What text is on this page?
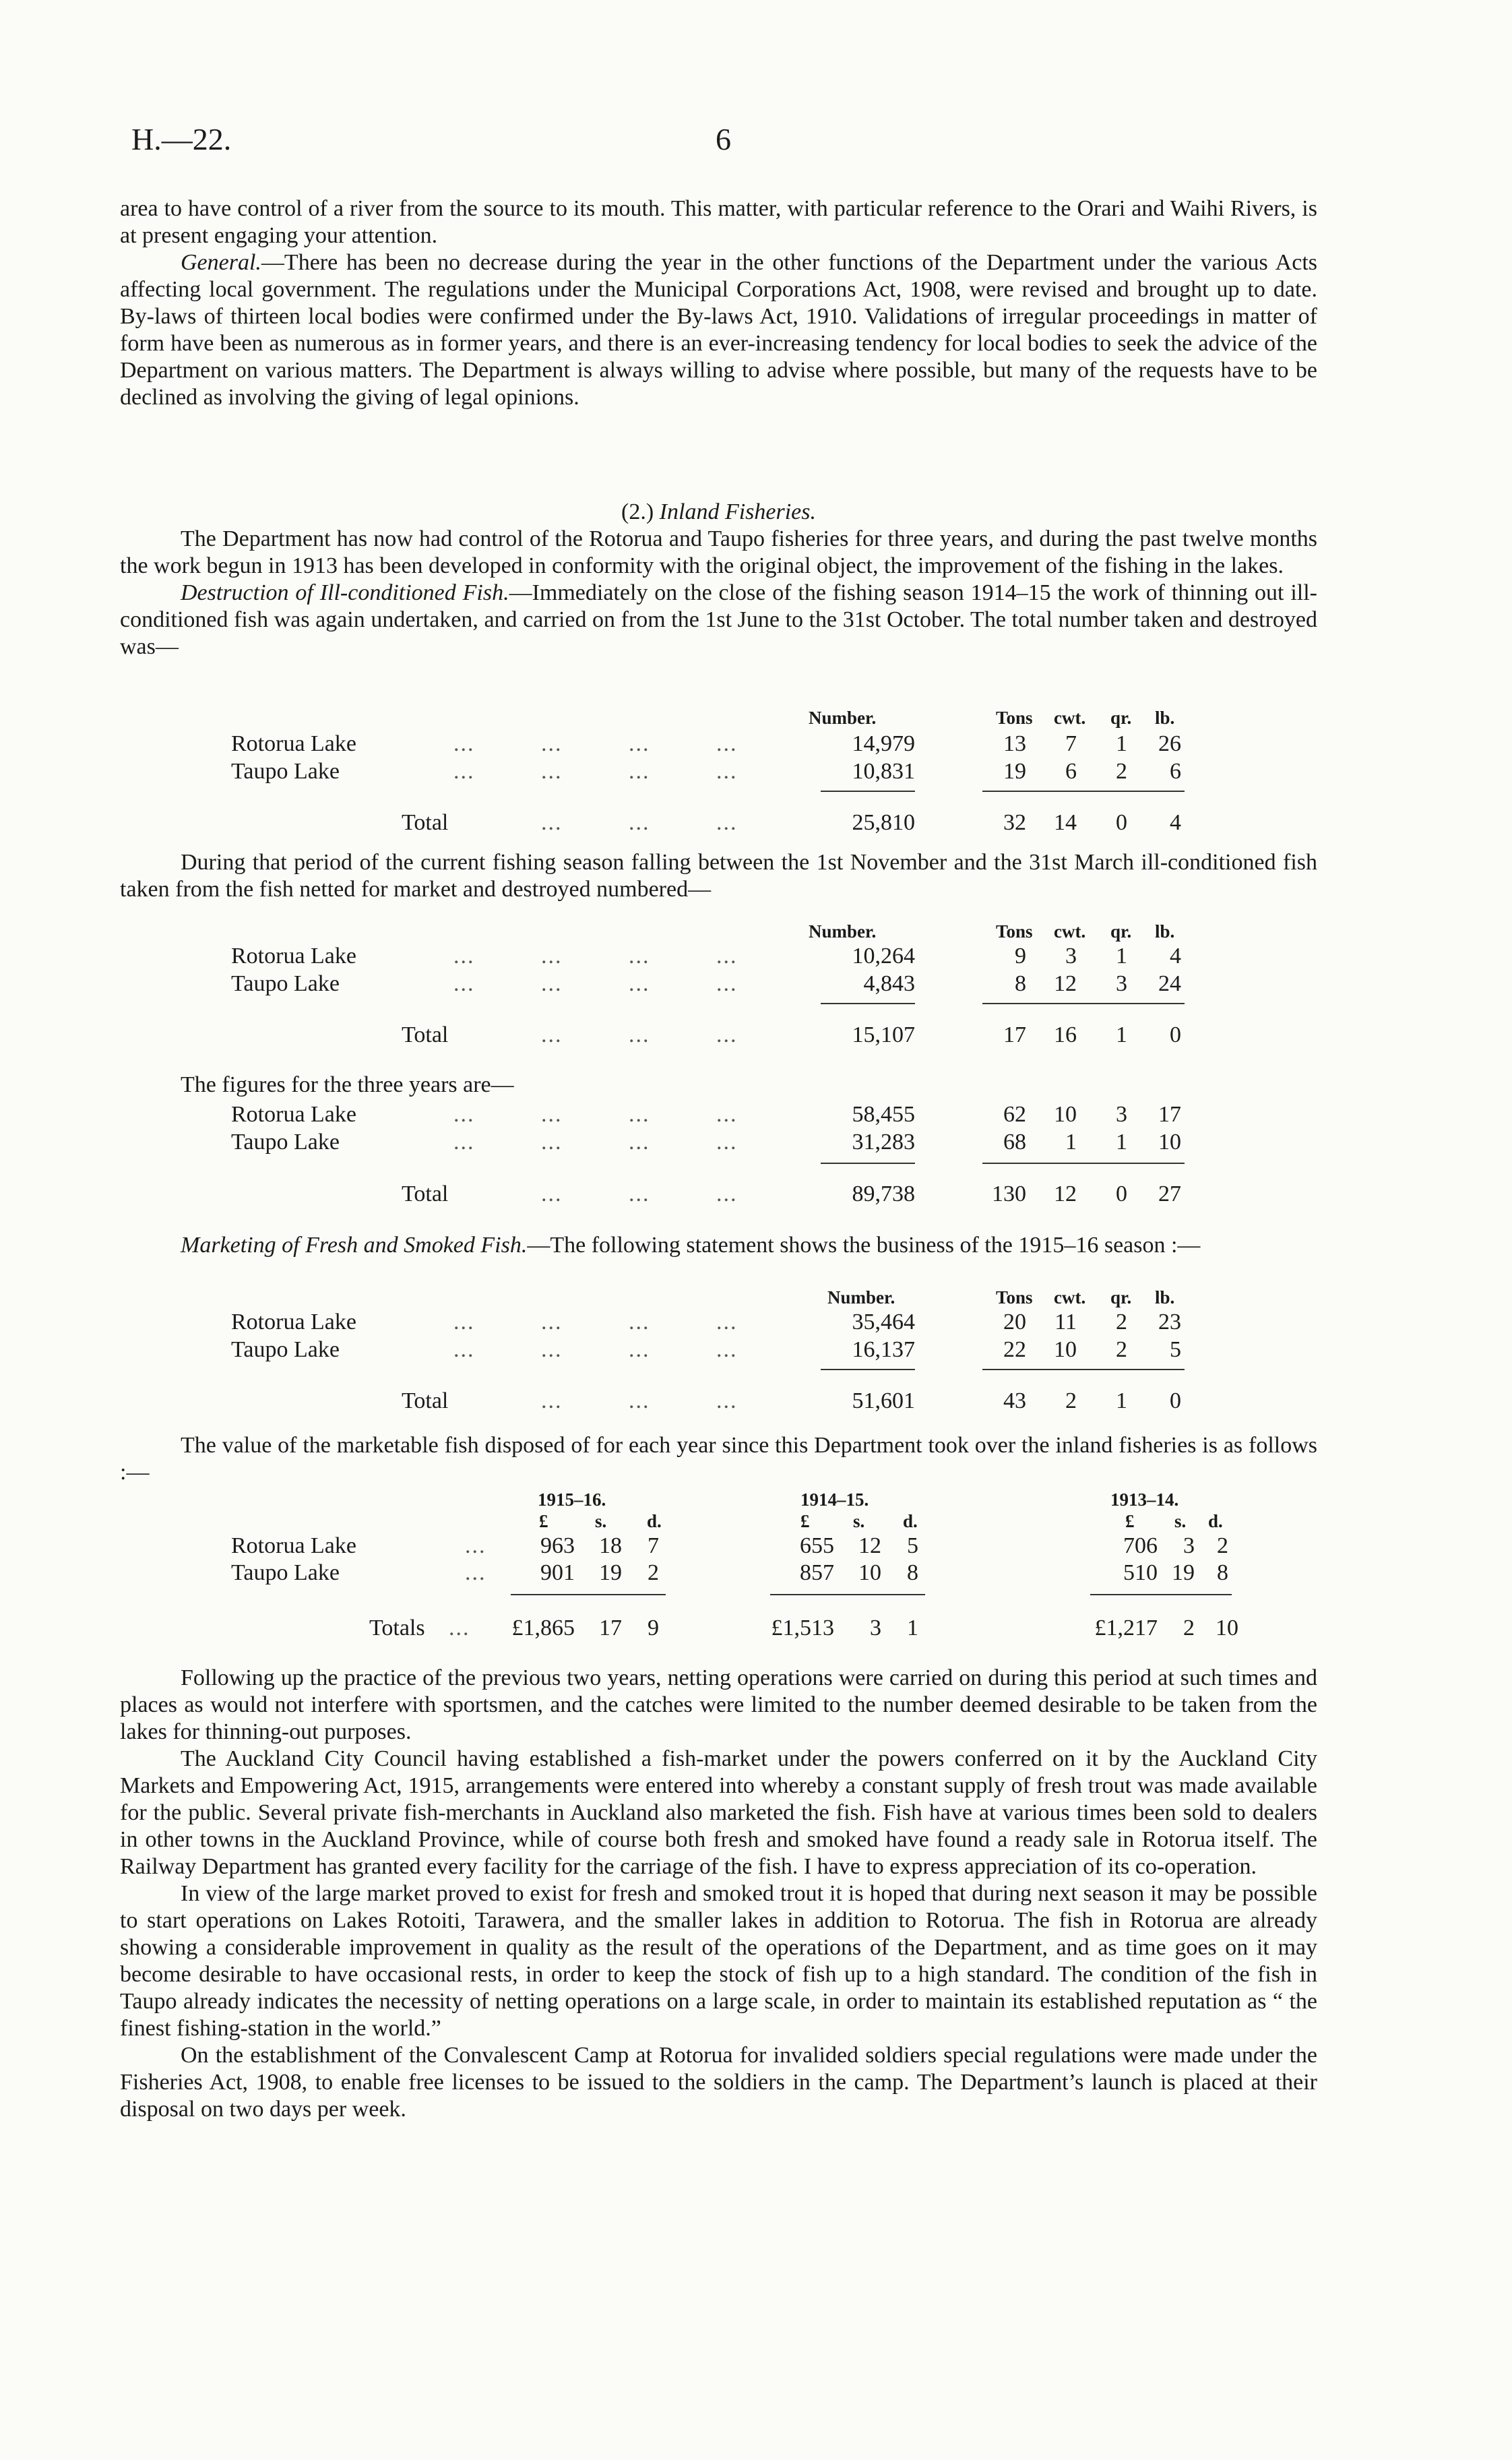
H.—22.	6

area to have control of a river from the source to its mouth. This matter, with particular reference to the Orari and Waihi Rivers, is at present engaging your attention.

General.—There has been no decrease during the year in the other functions of the Department under the various Acts affecting local government. The regulations under the Municipal Corporations Act, 1908, were revised and brought up to date. By-laws of thirteen local bodies were confirmed under the By-laws Act, 1910. Validations of irregular proceedings in matter of form have been as numerous as in former years, and there is an ever-increasing tendency for local bodies to seek the advice of the Department on various matters. The Department is always willing to advise where possible, but many of the requests have to be declined as involving the giving of legal opinions.

(2.) Inland Fisheries.

The Department has now had control of the Rotorua and Taupo fisheries for three years, and during the past twelve months the work begun in 1913 has been developed in conformity with the original object, the improvement of the fishing in the lakes.

Destruction of Ill-conditioned Fish.—Immediately on the close of the fishing season 1914–15 the work of thinning out ill-conditioned fish was again undertaken, and carried on from the 1st June to the 31st October. The total number taken and destroyed was—

Number.	Tons cwt. qr. lb.
Rotorua Lake	...	...	...	...	14,979	13	7	1	26
Taupo Lake	...	...	...	...	10,831	19	6	2	6
Total	...	...	...	25,810	32	14	0	4

During that period of the current fishing season falling between the 1st November and the 31st March ill-conditioned fish taken from the fish netted for market and destroyed numbered—

Number.	Tons cwt. qr. lb.
Rotorua Lake	...	...	...	...	10,264	9	3	1	4
Taupo Lake	...	...	...	...	4,843	8	12	3	24
Total	...	...	...	15,107	17	16	1	0

The figures for the three years are—

Rotorua Lake	...	...	...	...	58,455	62	10	3	17
Taupo Lake	...	...	...	...	31,283	68	1	1	10
Total	...	...	...	89,738	130	12	0	27

Marketing of Fresh and Smoked Fish.—The following statement shows the business of the 1915–16 season :—

Number.	Tons cwt. qr. lb.
Rotorua Lake	...	...	...	...	35,464	20	11	2	23
Taupo Lake	...	...	...	...	16,137	22	10	2	5
Total	...	...	...	51,601	43	2	1	0

The value of the marketable fish disposed of for each year since this Department took over the inland fisheries is as follows :—

1915–16.	1914–15.	1913–14.
£	s. d.	£ s. d.	£ s. d.
Rotorua Lake	...	963	18	7	655	12	5	706	3 2
Taupo Lake	...	901	19	2	857	10	8	510 19 8
Totals ...	£1,865	17	9	£1,513	3	1	£1,217	2 10

Following up the practice of the previous two years, netting operations were carried on during this period at such times and places as would not interfere with sportsmen, and the catches were limited to the number deemed desirable to be taken from the lakes for thinning-out purposes.

The Auckland City Council having established a fish-market under the powers conferred on it by the Auckland City Markets and Empowering Act, 1915, arrangements were entered into whereby a constant supply of fresh trout was made available for the public. Several private fish-merchants in Auckland also marketed the fish. Fish have at various times been sold to dealers in other towns in the Auckland Province, while of course both fresh and smoked have found a ready sale in Rotorua itself. The Railway Department has granted every facility for the carriage of the fish. I have to express appreciation of its co-operation.

In view of the large market proved to exist for fresh and smoked trout it is hoped that during next season it may be possible to start operations on Lakes Rotoiti, Tarawera, and the smaller lakes in addition to Rotorua. The fish in Rotorua are already showing a considerable improvement in quality as the result of the operations of the Department, and as time goes on it may become desirable to have occasional rests, in order to keep the stock of fish up to a high standard. The condition of the fish in Taupo already indicates the necessity of netting operations on a large scale, in order to maintain its established reputation as “ the finest fishing-station in the world.”

On the establishment of the Convalescent Camp at Rotorua for invalided soldiers special regulations were made under the Fisheries Act, 1908, to enable free licenses to be issued to the soldiers in the camp. The Department’s launch is placed at their disposal on two days per week.
